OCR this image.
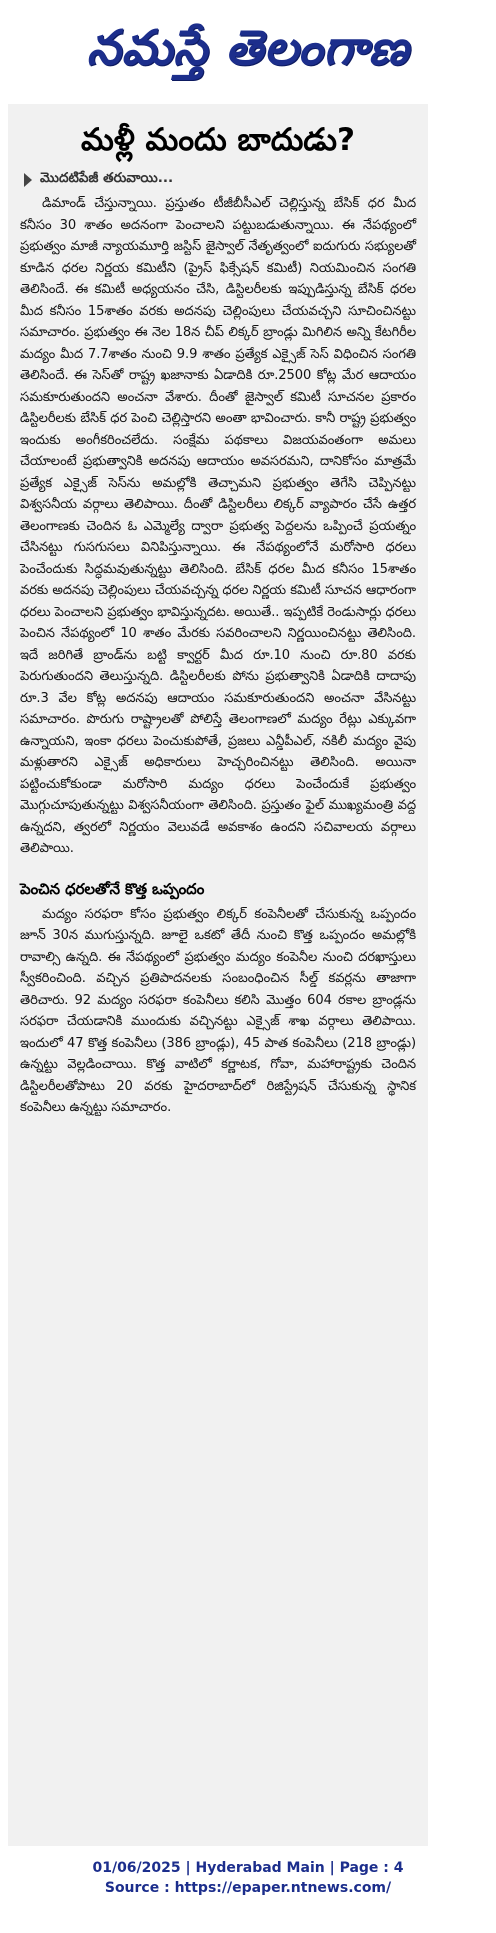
నమస్తే తెలంగాణ
మళ్లీ మందు బాదుడు?
మొదటిపేజీ తరువాయి...

డిమాండ్ చేస్తున్నాయి. ప్రస్తుతం టీజీబీసీఎల్ చెల్లిస్తున్న బేసిక్ ధర మీద కనీసం 30 శాతం అదనంగా పెంచాలని పట్టుబడుతున్నాయి. ఈ నేపథ్యంలో ప్రభుత్వం మాజీ న్యాయమూర్తి జస్టిస్ జైస్వాల్ నేతృత్వంలో ఐదుగురు సభ్యులతో కూడిన ధరల నిర్ణయ కమిటీని (ప్రైస్ ఫిక్సేషన్ కమిటీ) నియమించిన సంగతి తెలిసిందే. ఈ కమిటీ అధ్యయనం చేసి, డిస్టిలరీలకు ఇప్పుడిస్తున్న బేసిక్ ధరల మీద కనీసం 15శాతం వరకు అదనపు చెల్లింపులు చేయవచ్చని సూచించినట్టు సమాచారం. ప్రభుత్వం ఈ నెల 18న చీప్ లిక్కర్ బ్రాండ్లు మిగిలిన అన్ని కేటగిరీల మద్యం మీద 7.7శాతం నుంచి 9.9 శాతం ప్రత్యేక ఎక్సైజ్ సెస్ విధించిన సంగతి తెలిసిందే. ఈ సెస్‌తో రాష్ట్ర ఖజానాకు ఏడాదికి రూ.2500 కోట్ల మేర ఆదాయం సమకూరుతుందని అంచనా వేశారు. దీంతో జైస్వాల్ కమిటీ సూచనల ప్రకారం డిస్టిలరీలకు బేసిక్ ధర పెంచి చెల్లిస్తారని అంతా భావించారు. కానీ రాష్ట్ర ప్రభుత్వం ఇందుకు అంగీకరించలేదు. సంక్షేమ పథకాలు విజయవంతంగా అమలు చేయాలంటే ప్రభుత్వానికి అదనపు ఆదాయం అవసరమని, దానికోసం మాత్రమే ప్రత్యేక ఎక్సైజ్ సెస్‌ను అమల్లోకి తెచ్చామని ప్రభుత్వం తెగేసి చెప్పినట్టు విశ్వసనీయ వర్గాలు తెలిపాయి. దీంతో డిస్టిలరీలు లిక్కర్ వ్యాపారం చేసే ఉత్తర తెలంగాణకు చెందిన ఓ ఎమ్మెల్యే ద్వారా ప్రభుత్వ పెద్దలను ఒప్పించే ప్రయత్నం చేసినట్టు గుసగుసలు వినిపిస్తున్నాయి. ఈ నేపథ్యంలోనే మరోసారి ధరలు పెంచేందుకు సిద్ధమవుతున్నట్టు తెలిసింది. బేసిక్ ధరల మీద కనీసం 15శాతం వరకు అదనపు చెల్లింపులు చేయవచ్చన్న ధరల నిర్ణయ కమిటీ సూచన ఆధారంగా ధరలు పెంచాలని ప్రభుత్వం భావిస్తున్నదట. అయితే.. ఇప్పటికే రెండుసార్లు ధరలు పెంచిన నేపథ్యంలో 10 శాతం మేరకు సవరించాలని నిర్ణయించినట్టు తెలిసింది. ఇదే జరిగితే బ్రాండ్‌ను బట్టి క్వార్టర్ మీద రూ.10 నుంచి రూ.80 వరకు పెరుగుతుందని తెలుస్తున్నది. డిస్టిలరీలకు పోను ప్రభుత్వానికి ఏడాదికి దాదాపు రూ.3 వేల కోట్ల అదనపు ఆదాయం సమకూరుతుందని అంచనా వేసినట్టు సమాచారం. పొరుగు రాష్ట్రాలతో పోలిస్తే తెలంగాణలో మద్యం రేట్లు ఎక్కువగా ఉన్నాయని, ఇంకా ధరలు పెంచుకుపోతే, ప్రజలు ఎన్డీపీఎల్, నకిలీ మద్యం వైపు మళ్లుతారని ఎక్సైజ్ అధికారులు హెచ్చరించినట్టు తెలిసింది. అయినా పట్టించుకోకుండా మరోసారి మద్యం ధరలు పెంచేందుకే ప్రభుత్వం మొగ్గుచూపుతున్నట్టు విశ్వసనీయంగా తెలిసింది. ప్రస్తుతం ఫైల్ ముఖ్యమంత్రి వద్ద ఉన్నదని, త్వరలో నిర్ణయం వెలువడే అవకాశం ఉందని సచివాలయ వర్గాలు తెలిపాయి.

పెంచిన ధరలతోనే కొత్త ఒప్పందం

మద్యం సరఫరా కోసం ప్రభుత్వం లిక్కర్ కంపెనీలతో చేసుకున్న ఒప్పందం జూన్ 30న ముగుస్తున్నది. జూలై ఒకటో తేదీ నుంచి కొత్త ఒప్పందం అమల్లోకి రావాల్సి ఉన్నది. ఈ నేపథ్యంలో ప్రభుత్వం మద్యం కంపెనీల నుంచి దరఖాస్తులు స్వీకరించింది. వచ్చిన ప్రతిపాదనలకు సంబంధించిన సీల్డ్ కవర్లను తాజాగా తెరిచారు. 92 మద్యం సరఫరా కంపెనీలు కలిసి మొత్తం 604 రకాల బ్రాండ్లను సరఫరా చేయడానికి ముందుకు వచ్చినట్టు ఎక్సైజ్ శాఖ వర్గాలు తెలిపాయి. ఇందులో 47 కొత్త కంపెనీలు (386 బ్రాండ్లు), 45 పాత కంపెనీలు (218 బ్రాండ్లు) ఉన్నట్టు వెల్లడించాయి. కొత్త వాటిలో కర్ణాటక, గోవా, మహారాష్ట్రకు చెందిన డిస్టిలరీలతోపాటు 20 వరకు హైదరాబాద్‌లో రిజిస్ట్రేషన్ చేసుకున్న స్థానిక కంపెనీలు ఉన్నట్టు సమాచారం.

01/06/2025 | Hyderabad Main | Page : 4
Source : https://epaper.ntnews.com/
